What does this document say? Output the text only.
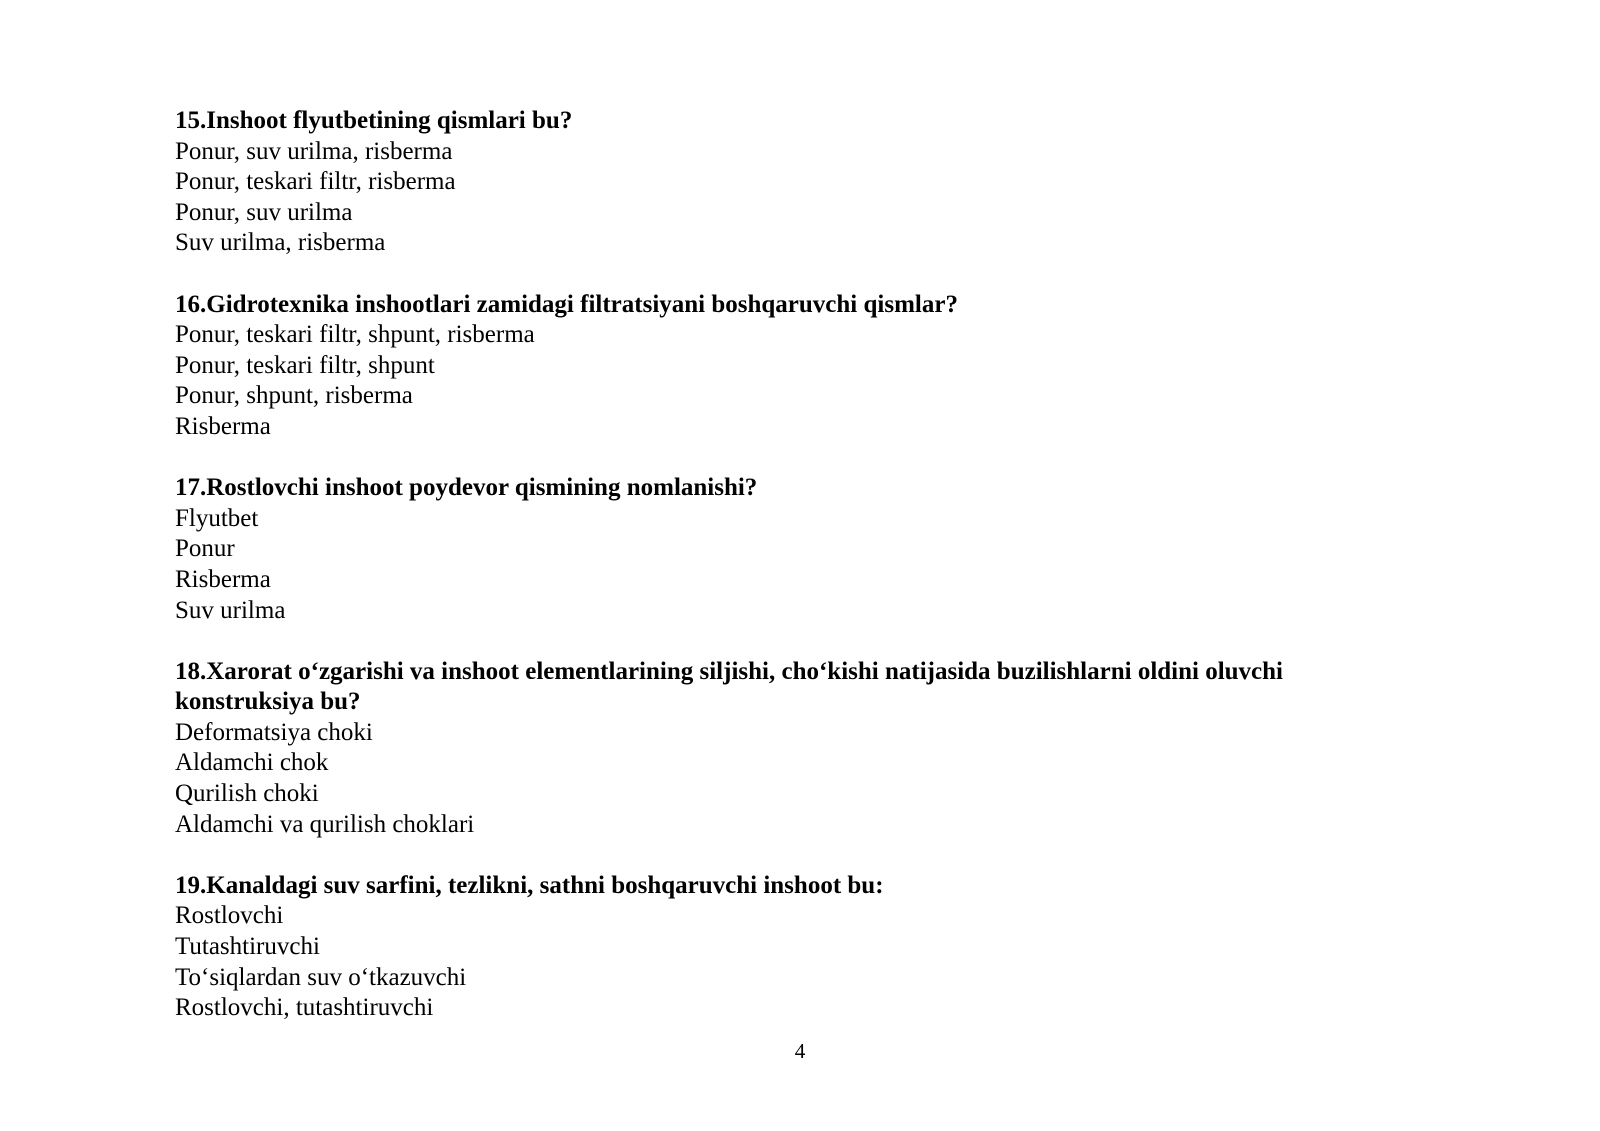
15.Inshoot flyutbetining qismlari bu?

Ponur, suv urilma, risberma

Ponur, teskari filtr, risberma

Ponur, suv urilma

Suv urilma, risberma

16.Gidrotexnika inshootlari zamidagi filtratsiyani boshqaruvchi qismlar?

Ponur, teskari filtr, shpunt, risberma

Ponur, teskari filtr, shpunt

Ponur, shpunt, risberma

Risberma

17.Rostlovchi inshoot poydevor qismining nomlanishi?

Flyutbet

Ponur

Risberma

Suv urilma

18.Xarorat o‘zgarishi va inshoot elementlarining siljishi, cho‘kishi natijasida buzilishlarni oldini oluvchi konstruksiya bu?

Deformatsiya choki

Aldamchi chok

Qurilish choki

Aldamchi va qurilish choklari

19.Kanaldagi suv sarfini, tezlikni, sathni boshqaruvchi inshoot bu:

Rostlovchi

Tutashtiruvchi

To‘siqlardan suv o‘tkazuvchi

Rostlovchi, tutashtiruvchi

4
